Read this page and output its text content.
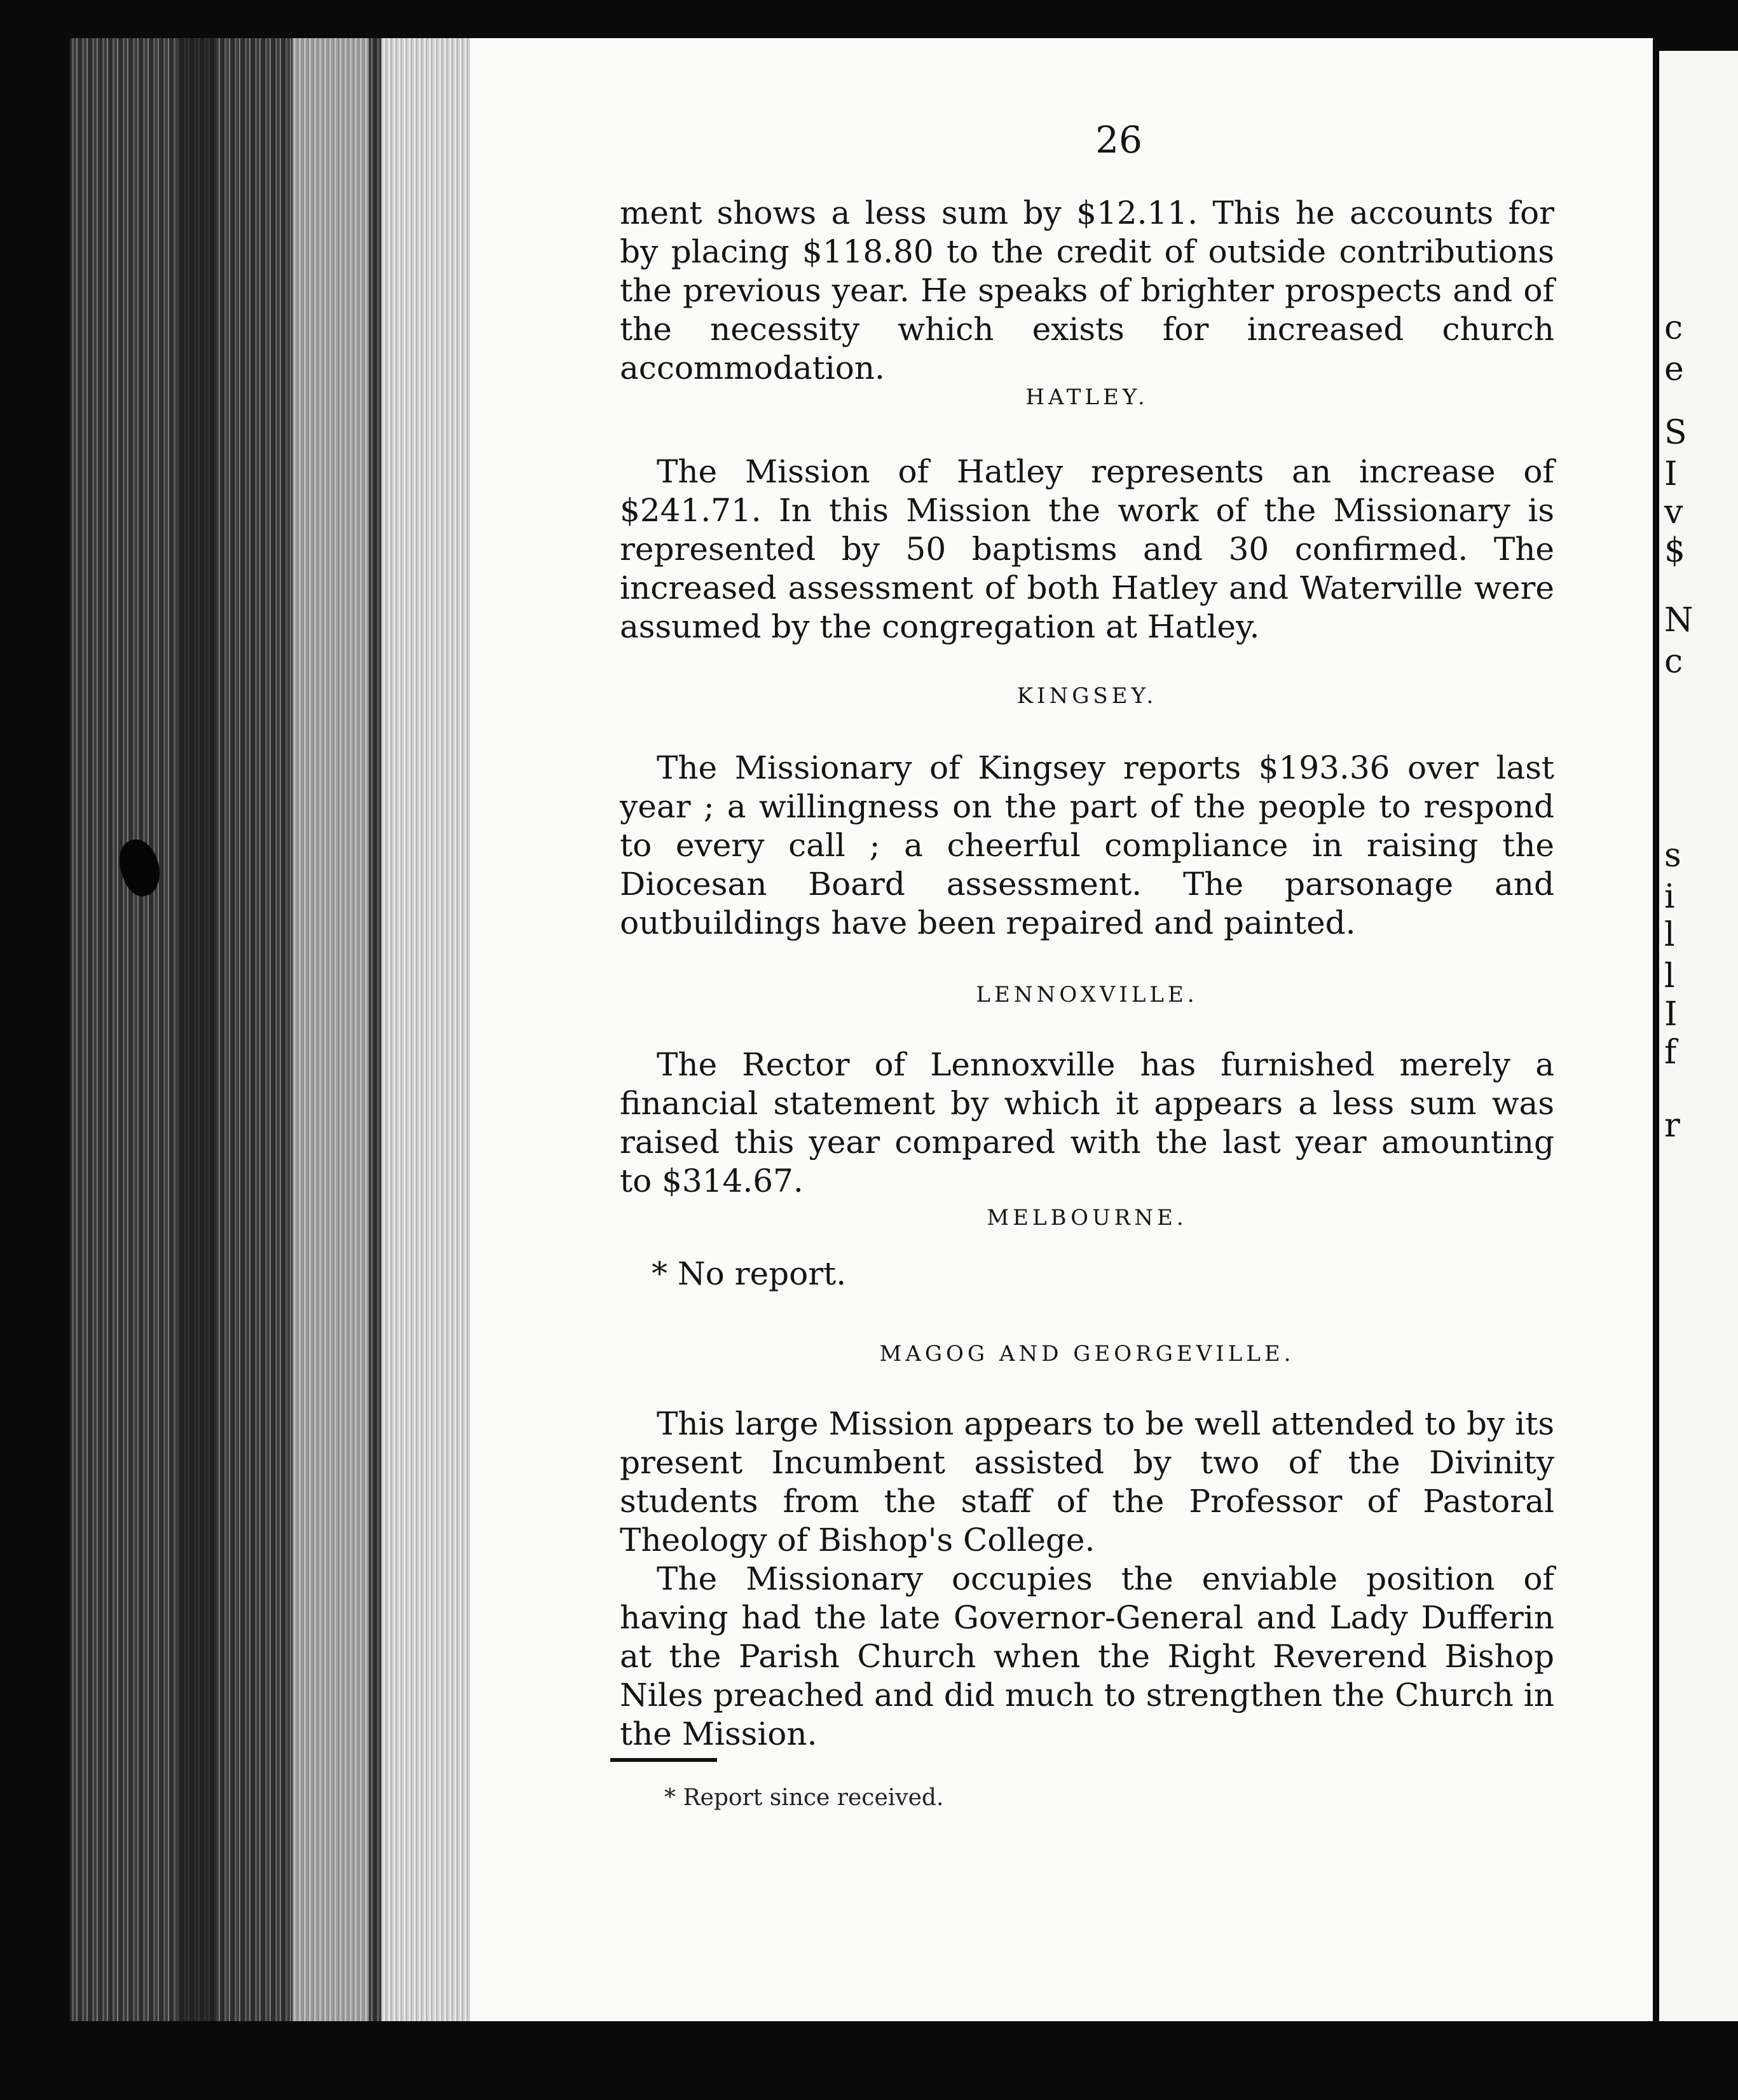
c
e
S
I
v
$
N
c
s
i
l
l
I
f
r
26

ment shows a less sum by $12.11. This he accounts for by placing $118.80 to the credit of outside contributions the previous year. He speaks of brighter prospects and of the necessity which exists for increased church accommodation.

HATLEY.

The Mission of Hatley represents an increase of $241.71. In this Mission the work of the Missionary is represented by 50 baptisms and 30 confirmed. The increased assessment of both Hatley and Waterville were assumed by the congregation at Hatley.

KINGSEY.

The Missionary of Kingsey reports $193.36 over last year ; a willingness on the part of the people to respond to every call ; a cheerful compliance in raising the Diocesan Board assessment. The parsonage and outbuildings have been repaired and painted.

LENNOXVILLE.

The Rector of Lennoxville has furnished merely a financial statement by which it appears a less sum was raised this year compared with the last year amounting to $314.67.

MELBOURNE.
* No report.
MAGOG AND GEORGEVILLE.

This large Mission appears to be well attended to by its present Incumbent assisted by two of the Divinity students from the staff of the Professor of Pastoral Theology of Bishop's College.

The Missionary occupies the enviable position of having had the late Governor-General and Lady Dufferin at the Parish Church when the Right Reverend Bishop Niles preached and did much to strengthen the Church in the Mission.

* Report since received.
